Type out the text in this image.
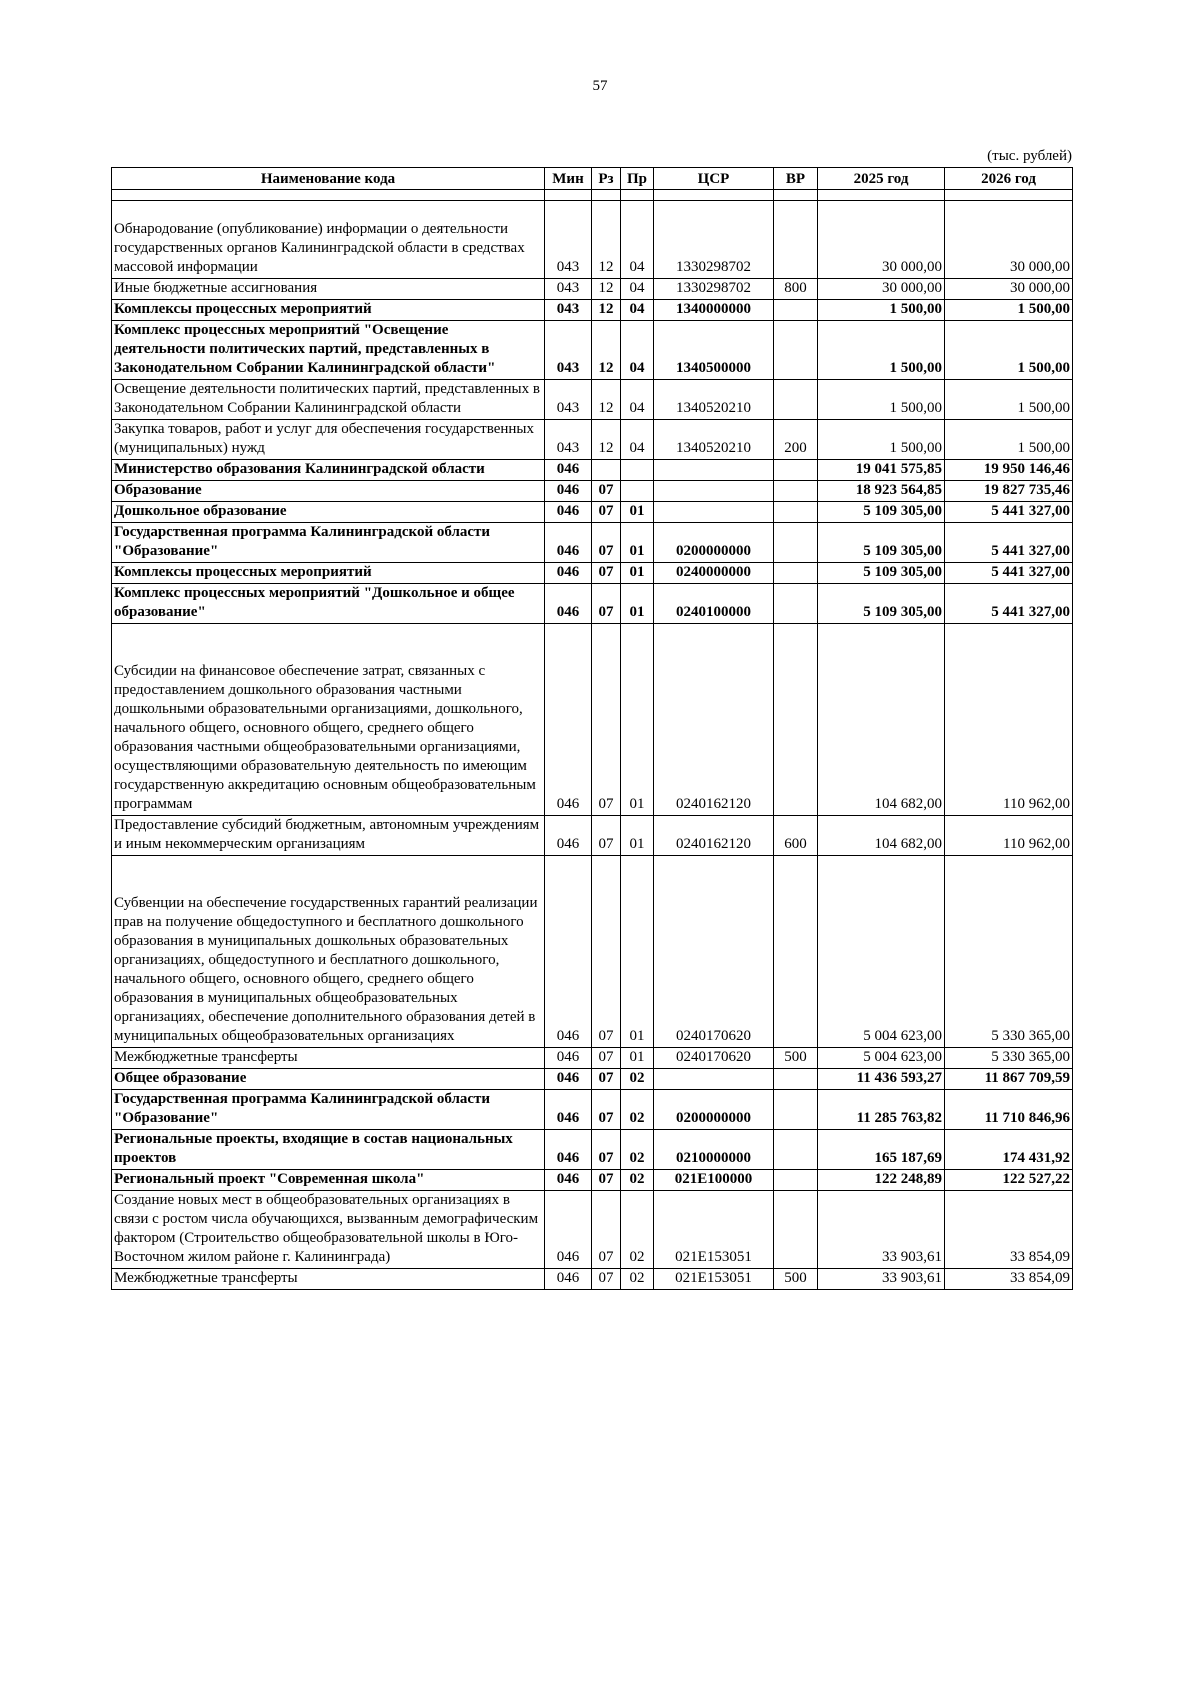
57
(тыс. рублей)
Наименование кода	Мин	Рз	Пр	ЦСР	ВР	2025 год	2026 год

Обнародование (опубликование) информации о деятельности государственных органов Калининградской области в средствах массовой информации	043	12	04	1330298702		30 000,00	30 000,00
Иные бюджетные ассигнования	043	12	04	1330298702	800	30 000,00	30 000,00
Комплексы процессных мероприятий	043	12	04	1340000000		1 500,00	1 500,00
Комплекс процессных мероприятий "Освещение деятельности политических партий, представленных в Законодательном Собрании Калининградской области"	043	12	04	1340500000		1 500,00	1 500,00
Освещение деятельности политических партий, представленных в Законодательном Собрании Калининградской области	043	12	04	1340520210		1 500,00	1 500,00
Закупка товаров, работ и услуг для обеспечения государственных (муниципальных) нужд	043	12	04	1340520210	200	1 500,00	1 500,00
Министерство образования Калининградской области	046					19 041 575,85	19 950 146,46
Образование	046	07				18 923 564,85	19 827 735,46
Дошкольное образование	046	07	01			5 109 305,00	5 441 327,00
Государственная программа Калининградской области "Образование"	046	07	01	0200000000		5 109 305,00	5 441 327,00
Комплексы процессных мероприятий	046	07	01	0240000000		5 109 305,00	5 441 327,00
Комплекс процессных мероприятий "Дошкольное и общее образование"	046	07	01	0240100000		5 109 305,00	5 441 327,00
Субсидии на финансовое обеспечение затрат, связанных с предоставлением дошкольного образования частными дошкольными образовательными организациями, дошкольного, начального общего, основного общего, среднего общего образования частными общеобразовательными организациями, осуществляющими образовательную деятельность по имеющим государственную аккредитацию основным общеобразовательным программам	046	07	01	0240162120		104 682,00	110 962,00
Предоставление субсидий бюджетным, автономным учреждениям и иным некоммерческим организациям	046	07	01	0240162120	600	104 682,00	110 962,00
Субвенции на обеспечение государственных гарантий реализации прав на получение общедоступного и бесплатного дошкольного образования в муниципальных дошкольных образовательных организациях, общедоступного и бесплатного дошкольного, начального общего, основного общего, среднего общего образования в муниципальных общеобразовательных организациях, обеспечение дополнительного образования детей в муниципальных общеобразовательных организациях	046	07	01	0240170620		5 004 623,00	5 330 365,00
Межбюджетные трансферты	046	07	01	0240170620	500	5 004 623,00	5 330 365,00
Общее образование	046	07	02			11 436 593,27	11 867 709,59
Государственная программа Калининградской области "Образование"	046	07	02	0200000000		11 285 763,82	11 710 846,96
Региональные проекты, входящие в состав национальных проектов	046	07	02	0210000000		165 187,69	174 431,92
Региональный проект "Современная школа"	046	07	02	021E100000		122 248,89	122 527,22
Создание новых мест в общеобразовательных организациях в связи с ростом числа обучающихся, вызванным демографическим фактором (Строительство общеобразовательной школы в Юго-Восточном жилом районе г. Калининграда)	046	07	02	021E153051		33 903,61	33 854,09
Межбюджетные трансферты	046	07	02	021E153051	500	33 903,61	33 854,09
